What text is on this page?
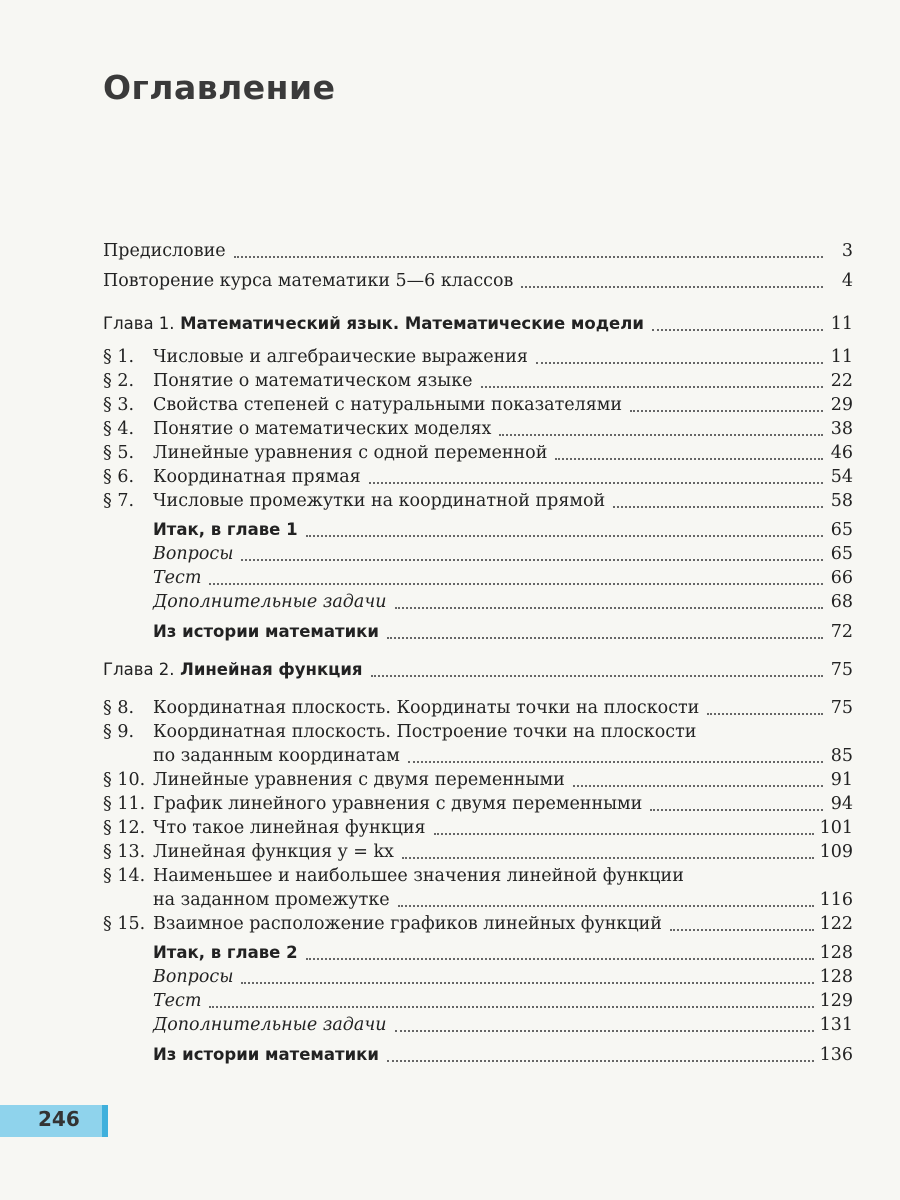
Оглавление
Предисловие	3
Повторение курса математики 5—6 классов	4
Глава 1. Математический язык. Математические модели	11
§ 1.	Числовые и алгебраические выражения	11
§ 2.	Понятие о математическом языке	22
§ 3.	Свойства степеней с натуральными показателями	29
§ 4.	Понятие о математических моделях	38
§ 5.	Линейные уравнения с одной переменной	46
§ 6.	Координатная прямая	54
§ 7.	Числовые промежутки на координатной прямой	58
Итак, в главе 1	65
Вопросы	65
Тест	66
Дополнительные задачи	68
Из истории математики	72
Глава 2. Линейная функция	75
§ 8.	Координатная плоскость. Координаты точки на плоскости	75
§ 9.	Координатная плоскость. Построение точки на плоскости
по заданным координатам	85
§ 10. Линейные уравнения с двумя переменными	91
§ 11. График линейного уравнения с двумя переменными	94
§ 12. Что такое линейная функция	101
§ 13. Линейная функция y = kx	109
§ 14. Наименьшее и наибольшее значения линейной функции
на заданном промежутке	116
§ 15. Взаимное расположение графиков линейных функций	122
Итак, в главе 2	128
Вопросы	128
Тест	129
Дополнительные задачи	131
Из истории математики	136
246
